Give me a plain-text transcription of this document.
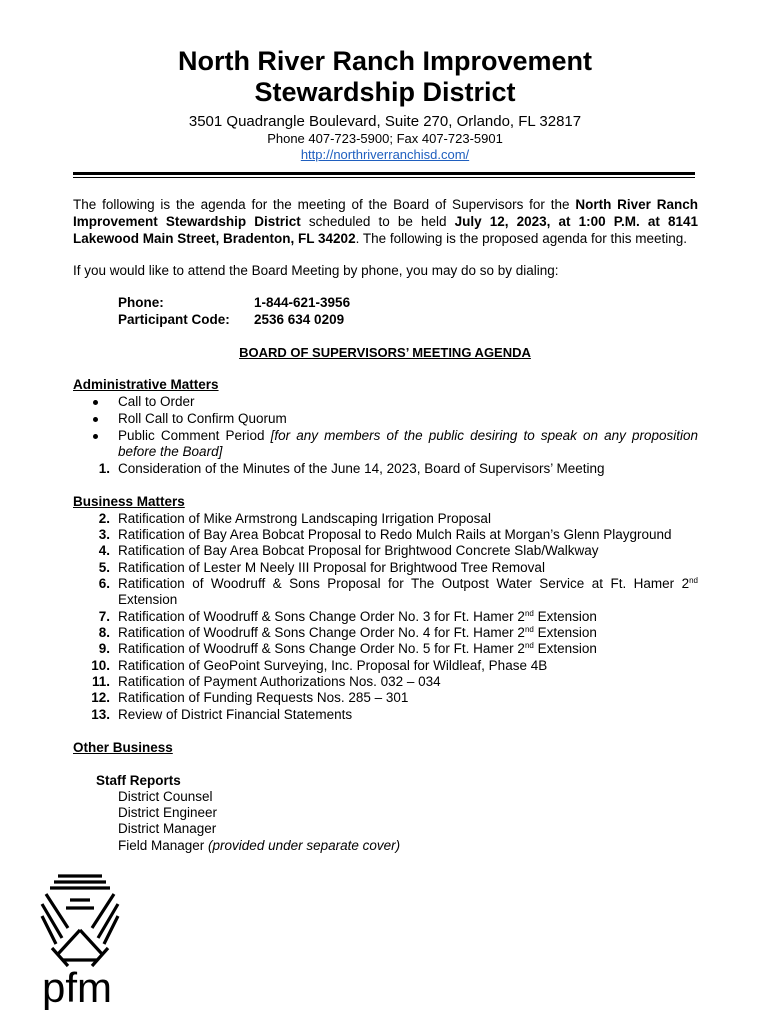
North River Ranch Improvement
Stewardship District
3501 Quadrangle Boulevard, Suite 270, Orlando, FL 32817
Phone 407-723-5900; Fax 407-723-5901
http://northriverranchisd.com/
The following is the agenda for the meeting of the Board of Supervisors for the North River Ranch Improvement Stewardship District scheduled to be held July 12, 2023, at 1:00 P.M. at 8141 Lakewood Main Street, Bradenton, FL 34202. The following is the proposed agenda for this meeting.
If you would like to attend the Board Meeting by phone, you may do so by dialing:
Phone:	1-844-621-3956
Participant Code: 2536 634 0209
BOARD OF SUPERVISORS’ MEETING AGENDA
Administrative Matters
Call to Order
Roll Call to Confirm Quorum
Public Comment Period [for any members of the public desiring to speak on any proposition before the Board]
1. Consideration of the Minutes of the June 14, 2023, Board of Supervisors’ Meeting
Business Matters
2. Ratification of Mike Armstrong Landscaping Irrigation Proposal
3. Ratification of Bay Area Bobcat Proposal to Redo Mulch Rails at Morgan’s Glenn Playground
4. Ratification of Bay Area Bobcat Proposal for Brightwood Concrete Slab/Walkway
5. Ratification of Lester M Neely III Proposal for Brightwood Tree Removal
6. Ratification of Woodruff & Sons Proposal for The Outpost Water Service at Ft. Hamer 2nd Extension
7. Ratification of Woodruff & Sons Change Order No. 3 for Ft. Hamer 2nd Extension
8. Ratification of Woodruff & Sons Change Order No. 4 for Ft. Hamer 2nd Extension
9. Ratification of Woodruff & Sons Change Order No. 5 for Ft. Hamer 2nd Extension
10. Ratification of GeoPoint Surveying, Inc. Proposal for Wildleaf, Phase 4B
11. Ratification of Payment Authorizations Nos. 032 – 034
12. Ratification of Funding Requests Nos. 285 – 301
13. Review of District Financial Statements
Other Business
Staff Reports
District Counsel
District Engineer
District Manager
Field Manager (provided under separate cover)
pfm
